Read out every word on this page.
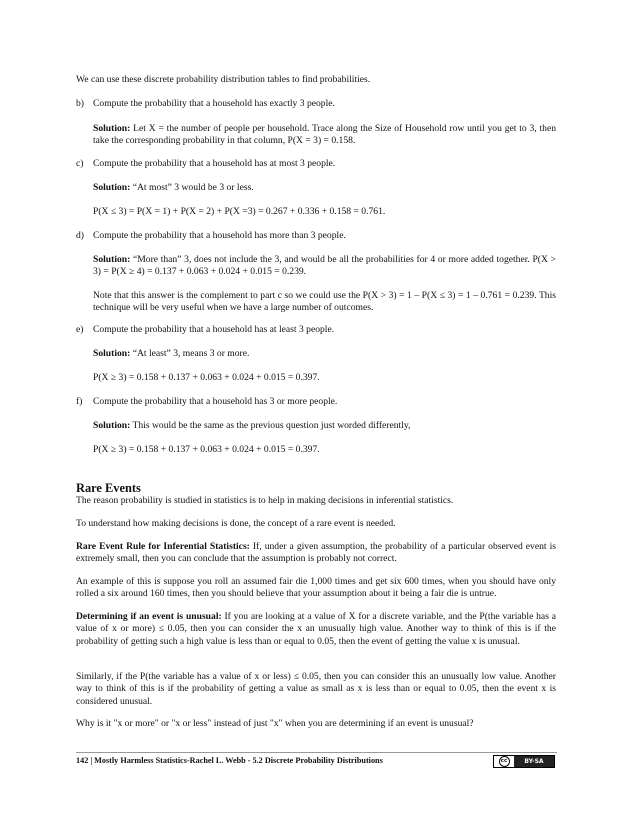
We can use these discrete probability distribution tables to find probabilities.

b) Compute the probability that a household has exactly 3 people.

Solution: Let X = the number of people per household. Trace along the Size of Household row until you get to 3, then take the corresponding probability in that column, P(X = 3) = 0.158.

c) Compute the probability that a household has at most 3 people.

Solution: “At most” 3 would be 3 or less.

P(X ≤ 3) = P(X = 1) + P(X = 2) + P(X =3) = 0.267 + 0.336 + 0.158 = 0.761.

d) Compute the probability that a household has more than 3 people.

Solution: “More than” 3, does not include the 3, and would be all the probabilities for 4 or more added together. P(X > 3) = P(X ≥ 4) = 0.137 + 0.063 + 0.024 + 0.015 = 0.239.

Note that this answer is the complement to part c so we could use the P(X > 3) = 1 – P(X ≤ 3) = 1 – 0.761 = 0.239. This technique will be very useful when we have a large number of outcomes.

e) Compute the probability that a household has at least 3 people.

Solution: “At least” 3, means 3 or more.

P(X ≥ 3) = 0.158 + 0.137 + 0.063 + 0.024 + 0.015 = 0.397.

f) Compute the probability that a household has 3 or more people.

Solution: This would be the same as the previous question just worded differently,

P(X ≥ 3) = 0.158 + 0.137 + 0.063 + 0.024 + 0.015 = 0.397.

Rare Events

The reason probability is studied in statistics is to help in making decisions in inferential statistics.

To understand how making decisions is done, the concept of a rare event is needed.

Rare Event Rule for Inferential Statistics: If, under a given assumption, the probability of a particular observed event is extremely small, then you can conclude that the assumption is probably not correct.

An example of this is suppose you roll an assumed fair die 1,000 times and get six 600 times, when you should have only rolled a six around 160 times, then you should believe that your assumption about it being a fair die is untrue.

Determining if an event is unusual: If you are looking at a value of X for a discrete variable, and the P(the variable has a value of x or more) ≤ 0.05, then you can consider the x an unusually high value. Another way to think of this is if the probability of getting such a high value is less than or equal to 0.05, then the event of getting the value x is unusual.

Similarly, if the P(the variable has a value of x or less) ≤ 0.05, then you can consider this an unusually low value. Another way to think of this is if the probability of getting a value as small as x is less than or equal to 0.05, then the event x is considered unusual.

Why is it "x or more" or "x or less" instead of just "x" when you are determining if an event is unusual?

142 | Mostly Harmless Statistics-Rachel L. Webb - 5.2 Discrete Probability Distributions	cc	BY-SA
